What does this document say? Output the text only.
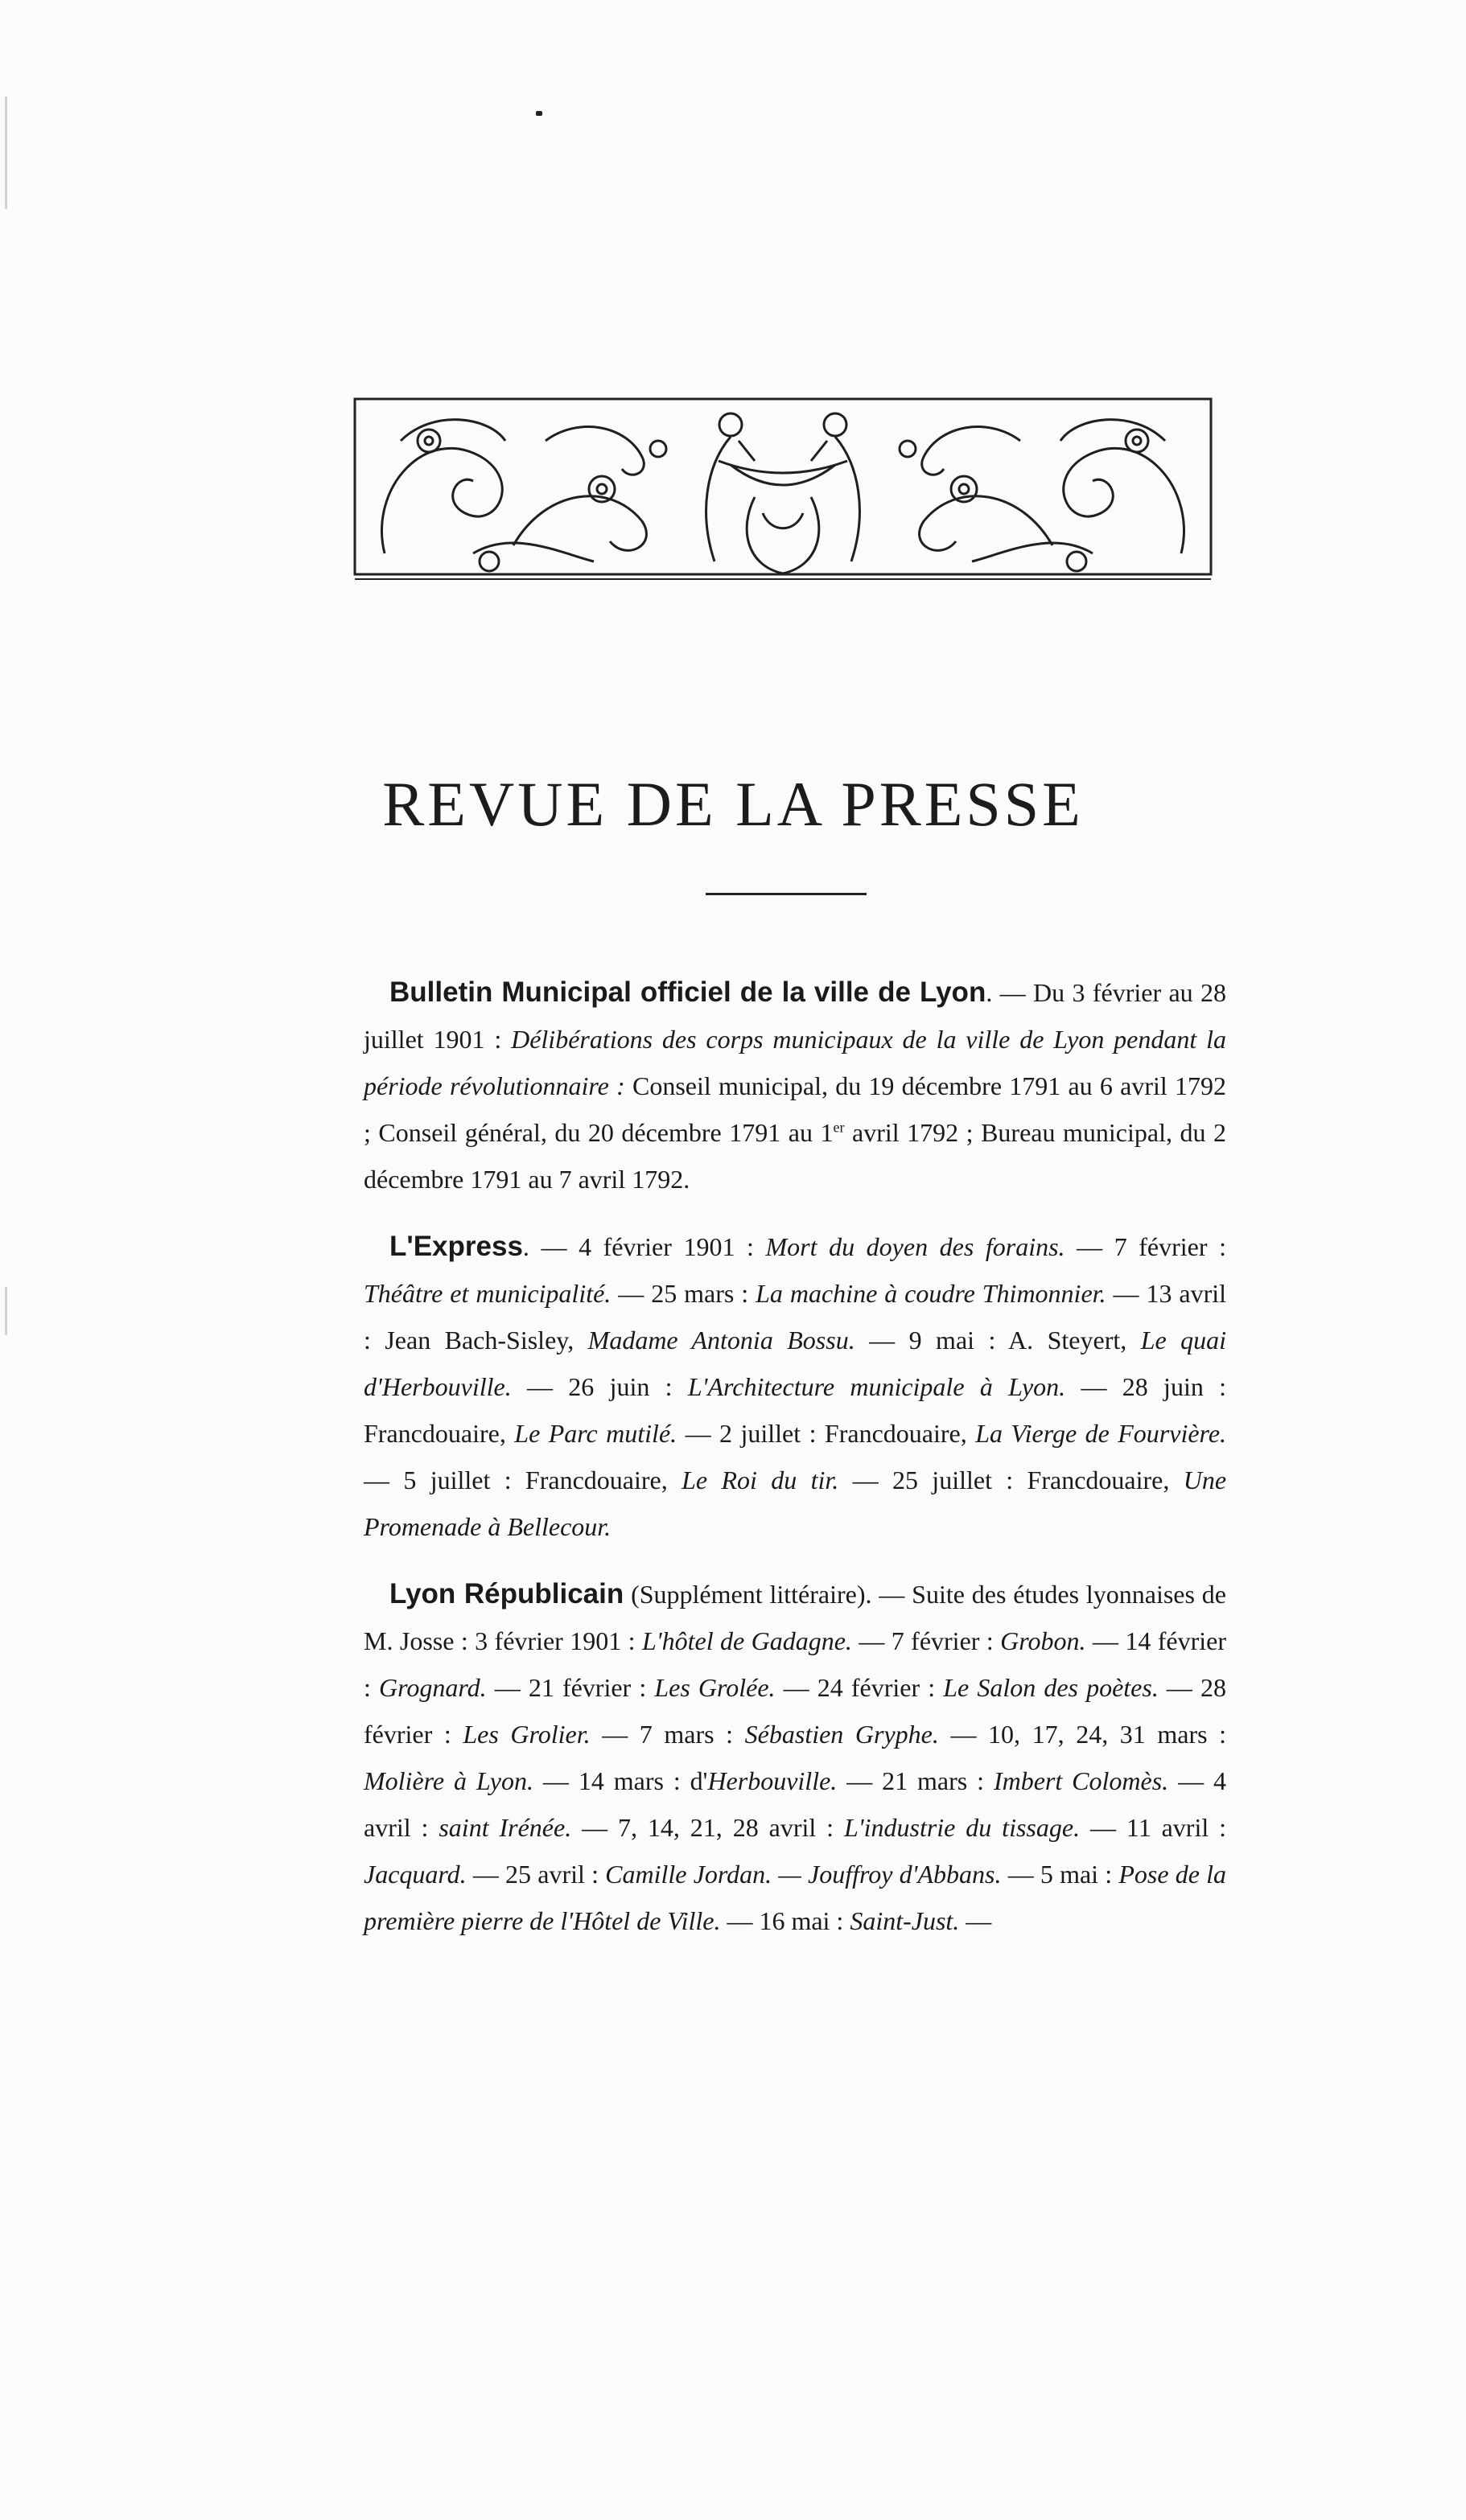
REVUE DE LA PRESSE

Bulletin Municipal officiel de la ville de Lyon. — Du 3 février au 28 juillet 1901 : Délibérations des corps municipaux de la ville de Lyon pendant la période révolutionnaire : Conseil municipal, du 19 décembre 1791 au 6 avril 1792 ; Conseil général, du 20 décembre 1791 au 1er avril 1792 ; Bureau municipal, du 2 décembre 1791 au 7 avril 1792.

L'Express. — 4 février 1901 : Mort du doyen des forains. — 7 février : Théâtre et municipalité. — 25 mars : La machine à coudre Thimonnier. — 13 avril : Jean Bach-Sisley, Madame Antonia Bossu. — 9 mai : A. Steyert, Le quai d'Herbouville. — 26 juin : L'Architecture municipale à Lyon. — 28 juin : Francdouaire, Le Parc mutilé. — 2 juillet : Francdouaire, La Vierge de Fourvière. — 5 juillet : Francdouaire, Le Roi du tir. — 25 juillet : Francdouaire, Une Promenade à Bellecour.

Lyon Républicain (Supplément littéraire). — Suite des études lyonnaises de M. Josse : 3 février 1901 : L'hôtel de Gadagne. — 7 février : Grobon. — 14 février : Grognard. — 21 février : Les Grolée. — 24 février : Le Salon des poètes. — 28 février : Les Grolier. — 7 mars : Sébastien Gryphe. — 10, 17, 24, 31 mars : Molière à Lyon. — 14 mars : d'Herbouville. — 21 mars : Imbert Colomès. — 4 avril : saint Irénée. — 7, 14, 21, 28 avril : L'industrie du tissage. — 11 avril : Jacquard. — 25 avril : Camille Jordan. — Jouffroy d'Abbans. — 5 mai : Pose de la première pierre de l'Hôtel de Ville. — 16 mai : Saint-Just. —
